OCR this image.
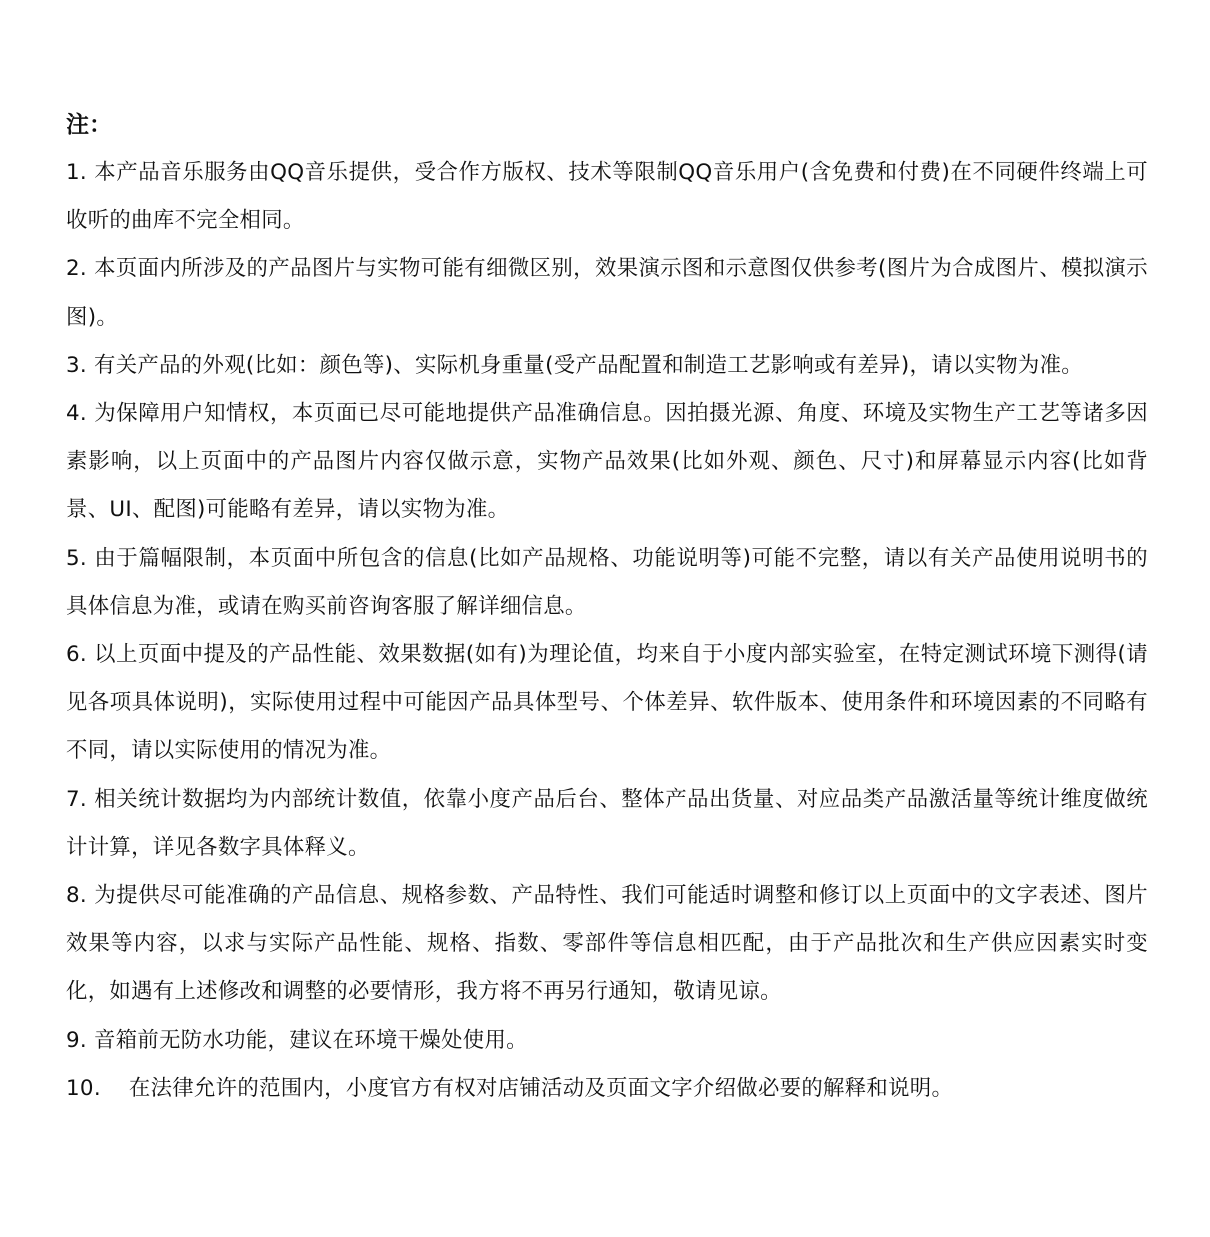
注：
1. 本产品音乐服务由QQ音乐提供，受合作方版权、技术等限制QQ音乐用户(含免费和付费)在不同硬件终端上可收听的曲库不完全相同。
2. 本页面内所涉及的产品图片与实物可能有细微区别，效果演示图和示意图仅供参考(图片为合成图片、模拟演示图)。
3. 有关产品的外观(比如：颜色等)、实际机身重量(受产品配置和制造工艺影响或有差异)，请以实物为准。
4. 为保障用户知情权，本页面已尽可能地提供产品准确信息。因拍摄光源、角度、环境及实物生产工艺等诸多因素影响，以上页面中的产品图片内容仅做示意，实物产品效果(比如外观、颜色、尺寸)和屏幕显示内容(比如背景、UI、配图)可能略有差异，请以实物为准。
5. 由于篇幅限制，本页面中所包含的信息(比如产品规格、功能说明等)可能不完整，请以有关产品使用说明书的具体信息为准，或请在购买前咨询客服了解详细信息。
6. 以上页面中提及的产品性能、效果数据(如有)为理论值，均来自于小度内部实验室，在特定测试环境下测得(请见各项具体说明)，实际使用过程中可能因产品具体型号、个体差异、软件版本、使用条件和环境因素的不同略有不同，请以实际使用的情况为准。
7. 相关统计数据均为内部统计数值，依靠小度产品后台、整体产品出货量、对应品类产品激活量等统计维度做统计计算，详见各数字具体释义。
8. 为提供尽可能准确的产品信息、规格参数、产品特性、我们可能适时调整和修订以上页面中的文字表述、图片效果等内容，以求与实际产品性能、规格、指数、零部件等信息相匹配，由于产品批次和生产供应因素实时变化，如遇有上述修改和调整的必要情形，我方将不再另行通知，敬请见谅。
9. 音箱前无防水功能，建议在环境干燥处使用。
10. 在法律允许的范围内，小度官方有权对店铺活动及页面文字介绍做必要的解释和说明。
